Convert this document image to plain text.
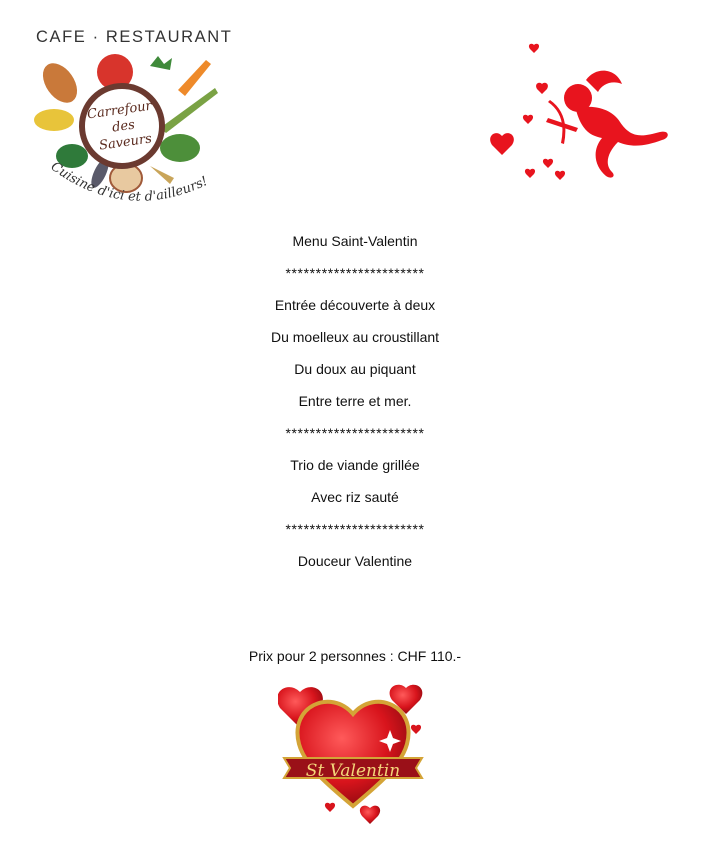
CAFE · RESTAURANT
Carrefour
des
Saveurs
Cuisine d'ici et d'ailleurs!
Menu Saint-Valentin
***********************
Entrée découverte à deux
Du moelleux au croustillant
Du doux au piquant
Entre terre et mer.
***********************
Trio de viande grillée
Avec riz sauté
***********************
Douceur Valentine
Prix pour 2 personnes : CHF 110.-
St Valentin
